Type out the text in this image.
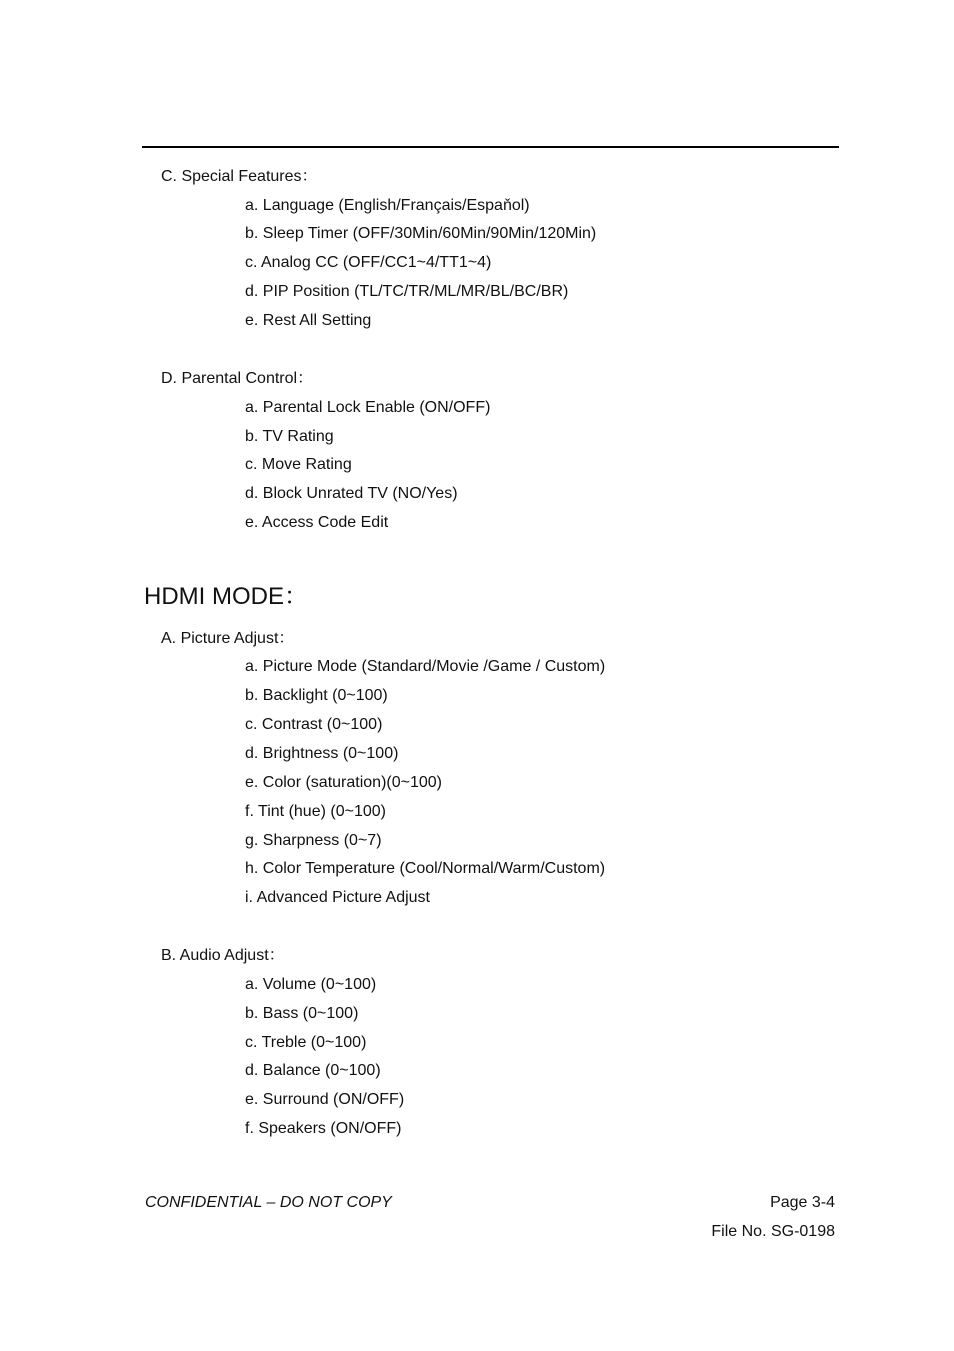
C. Special Features：
a. Language (English/Français/Espaňol)
b. Sleep Timer (OFF/30Min/60Min/90Min/120Min)
c. Analog CC (OFF/CC1~4/TT1~4)
d. PIP Position (TL/TC/TR/ML/MR/BL/BC/BR)
e. Rest All Setting
D. Parental Control：
a. Parental Lock Enable (ON/OFF)
b. TV Rating
c. Move Rating
d. Block Unrated TV (NO/Yes)
e. Access Code Edit
HDMI MODE：
A. Picture Adjust：
a. Picture Mode (Standard/Movie /Game / Custom)
b. Backlight (0~100)
c. Contrast (0~100)
d. Brightness (0~100)
e. Color (saturation)(0~100)
f. Tint (hue) (0~100)
g. Sharpness (0~7)
h. Color Temperature (Cool/Normal/Warm/Custom)
i. Advanced Picture Adjust
B. Audio Adjust：
a. Volume (0~100)
b. Bass (0~100)
c. Treble (0~100)
d. Balance (0~100)
e. Surround (ON/OFF)
f. Speakers (ON/OFF)
CONFIDENTIAL – DO NOT COPY	Page 3-4
File No. SG-0198
